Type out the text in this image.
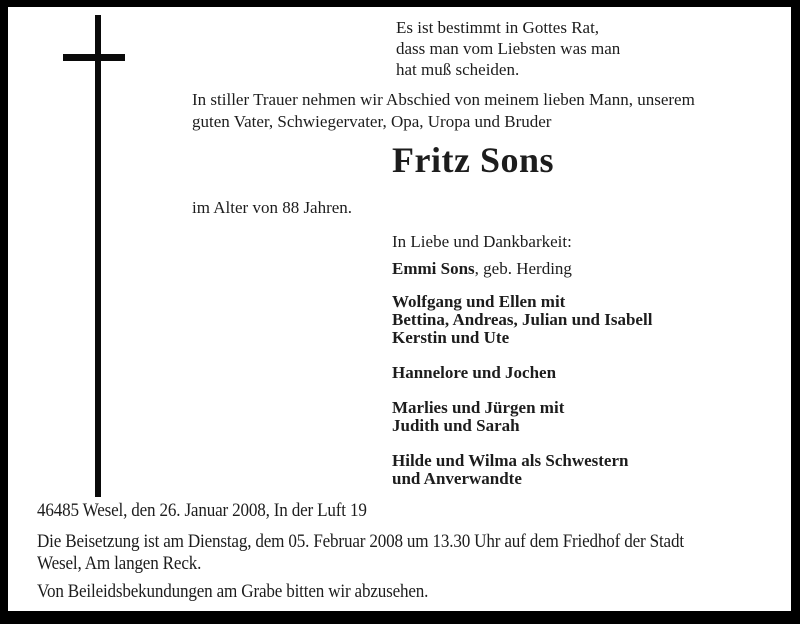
Es ist bestimmt in Gottes Rat,
dass man vom Liebsten was man
hat muß scheiden.
In stiller Trauer nehmen wir Abschied von meinem lieben Mann, unserem
guten Vater, Schwiegervater, Opa, Uropa und Bruder
Fritz Sons
im Alter von 88 Jahren.
In Liebe und Dankbarkeit:
Emmi Sons, geb. Herding
Wolfgang und Ellen mit
Bettina, Andreas, Julian und Isabell
Kerstin und Ute
Hannelore und Jochen
Marlies und Jürgen mit
Judith und Sarah
Hilde und Wilma als Schwestern
und Anverwandte
46485 Wesel, den 26. Januar 2008, In der Luft 19
Die Beisetzung ist am Dienstag, dem 05. Februar 2008 um 13.30 Uhr auf dem Friedhof der Stadt
Wesel, Am langen Reck.
Von Beileidsbekundungen am Grabe bitten wir abzusehen.
